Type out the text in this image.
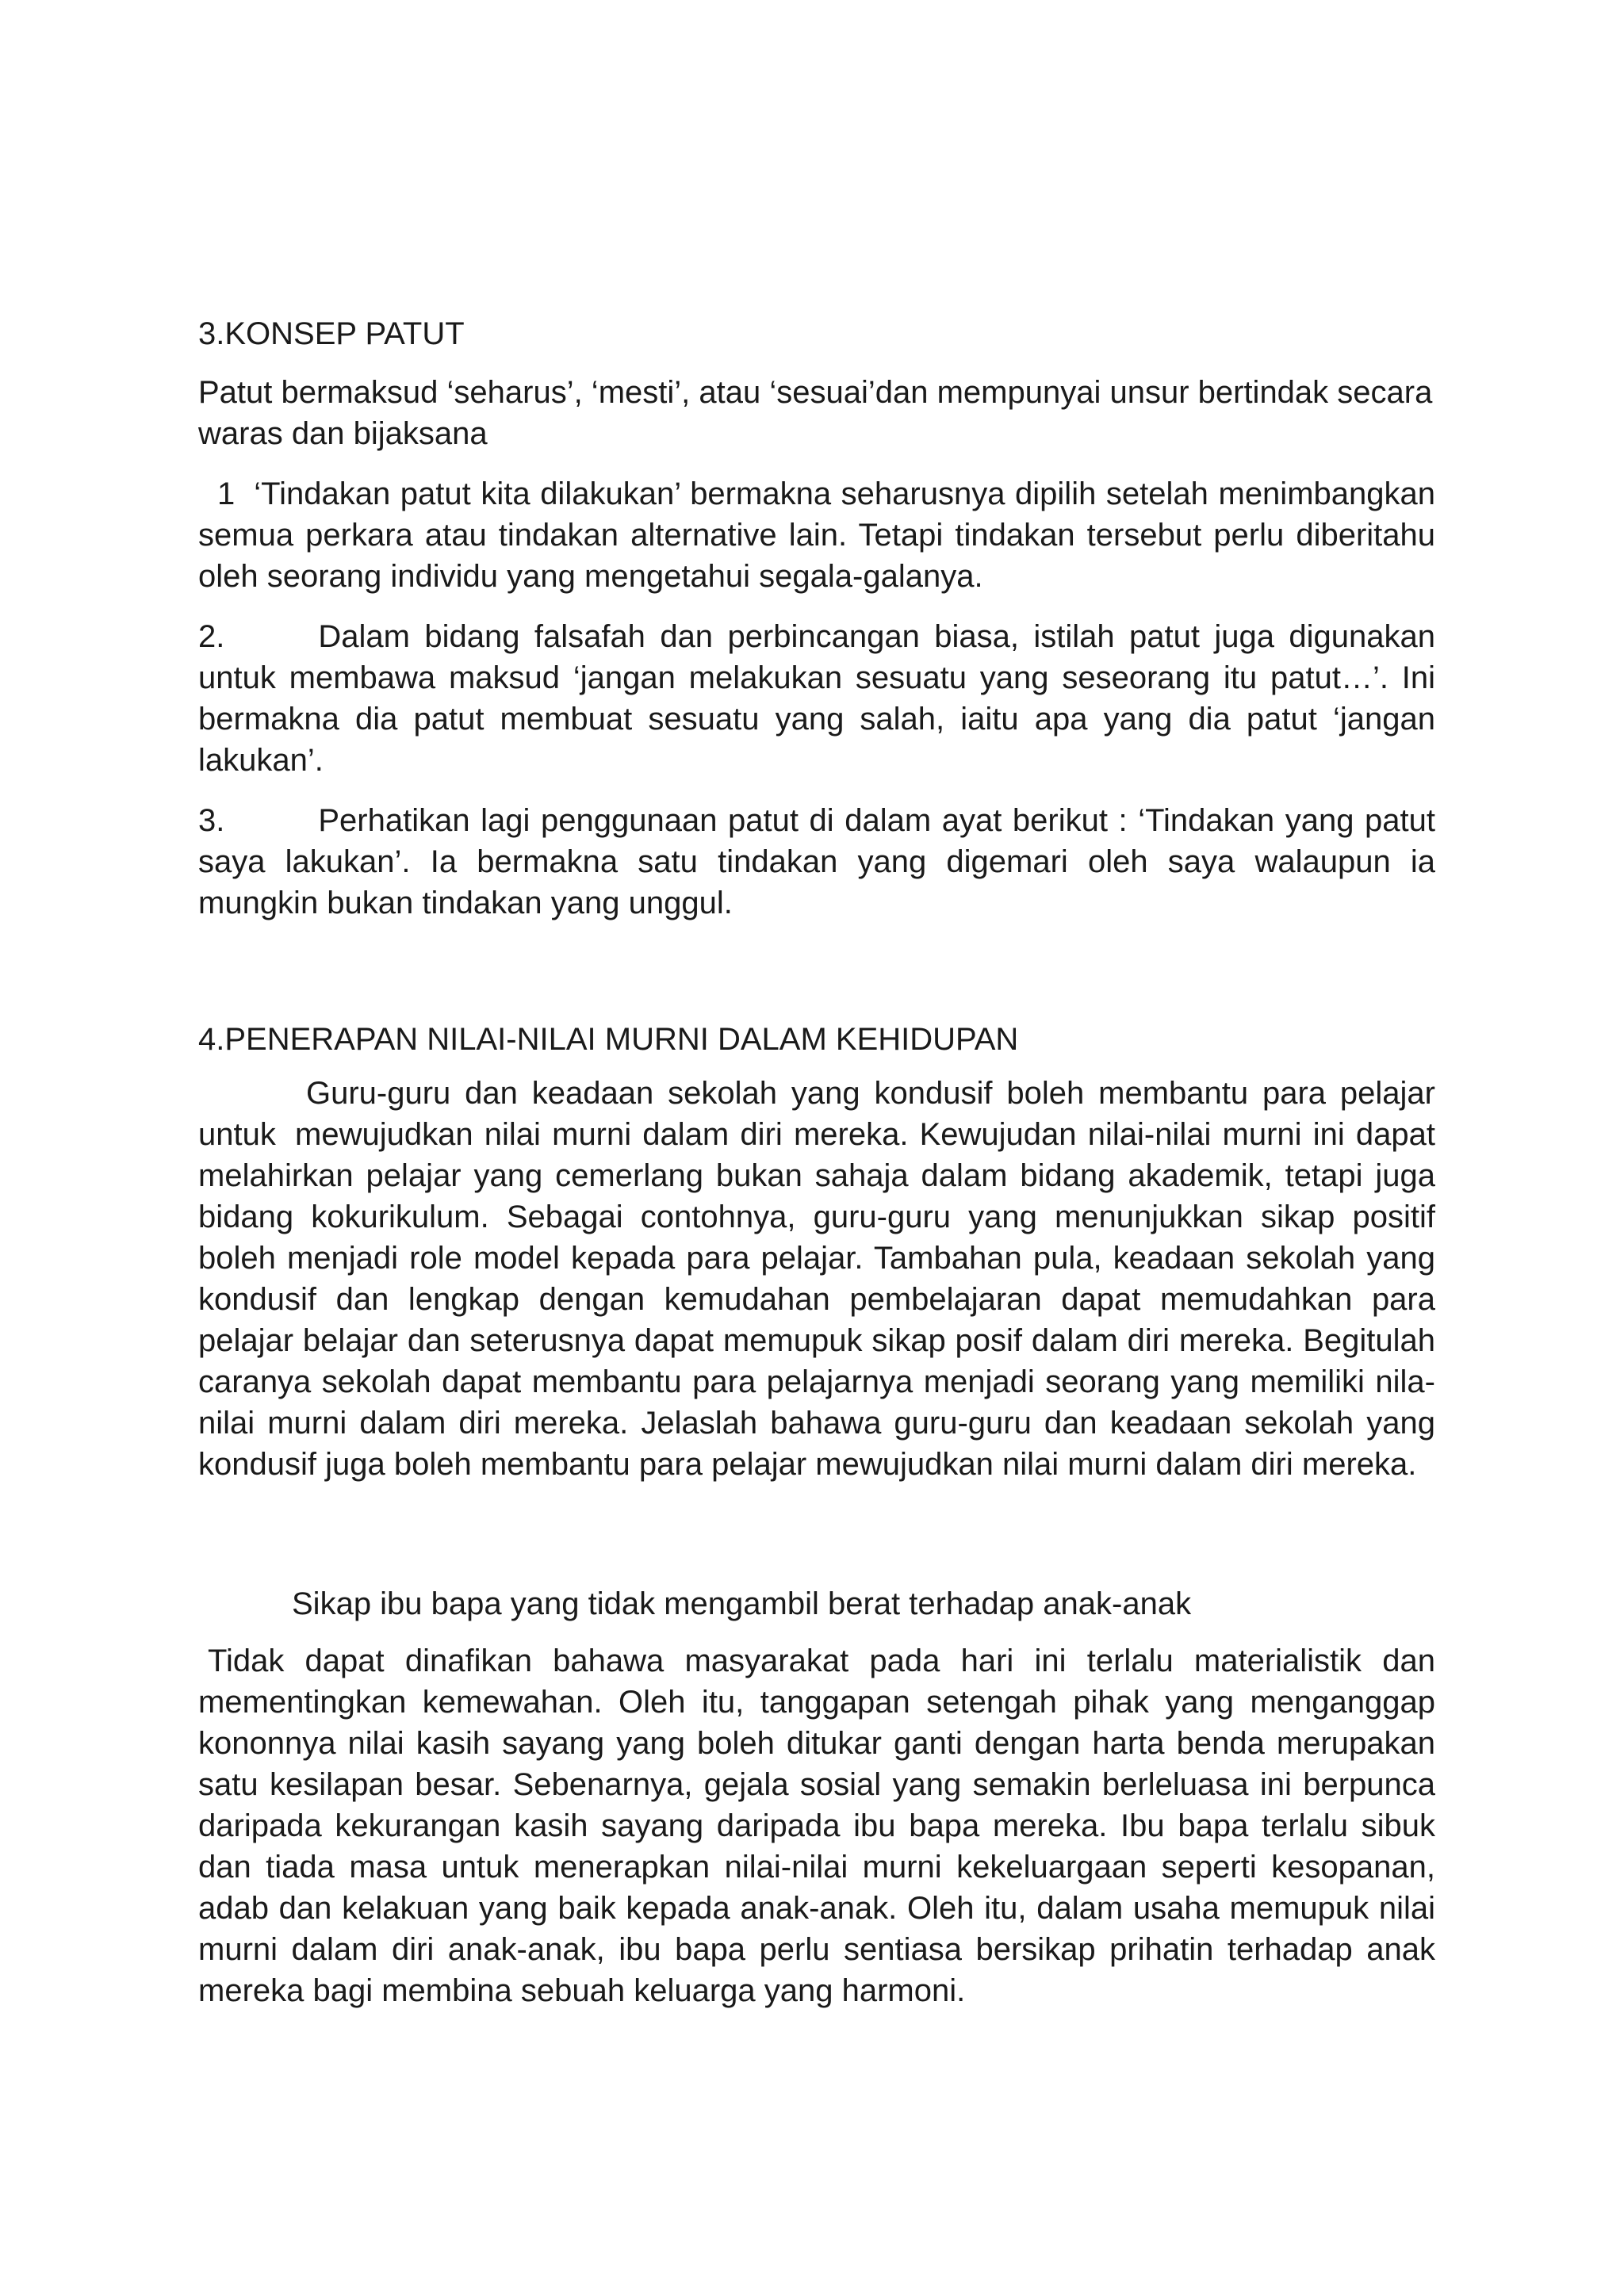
3.KONSEP PATUT

Patut bermaksud ‘seharus’, ‘mesti’, atau ‘sesuai’dan mempunyai unsur bertindak secara waras dan bijaksana

1 ‘Tindakan patut kita dilakukan’ bermakna seharusnya dipilih setelah menimbangkan semua perkara atau tindakan alternative lain. Tetapi tindakan tersebut perlu diberitahu oleh seorang individu yang mengetahui segala-galanya.

2.	Dalam bidang falsafah dan perbincangan biasa, istilah patut juga digunakan untuk membawa maksud ‘jangan melakukan sesuatu yang seseorang itu patut…’. Ini bermakna dia patut membuat sesuatu yang salah, iaitu apa yang dia patut ‘jangan lakukan’.

3.	Perhatikan lagi penggunaan patut di dalam ayat berikut : ‘Tindakan yang patut saya lakukan’. Ia bermakna satu tindakan yang digemari oleh saya walaupun ia mungkin bukan tindakan yang unggul.

4.PENERAPAN NILAI-NILAI MURNI DALAM KEHIDUPAN

Guru-guru dan keadaan sekolah yang kondusif boleh membantu para pelajar untuk mewujudkan nilai murni dalam diri mereka. Kewujudan nilai-nilai murni ini dapat melahirkan pelajar yang cemerlang bukan sahaja dalam bidang akademik, tetapi juga bidang kokurikulum. Sebagai contohnya, guru-guru yang menunjukkan sikap positif boleh menjadi role model kepada para pelajar. Tambahan pula, keadaan sekolah yang kondusif dan lengkap dengan kemudahan pembelajaran dapat memudahkan para pelajar belajar dan seterusnya dapat memupuk sikap posif dalam diri mereka. Begitulah caranya sekolah dapat membantu para pelajarnya menjadi seorang yang memiliki nila-nilai murni dalam diri mereka. Jelaslah bahawa guru-guru dan keadaan sekolah yang kondusif juga boleh membantu para pelajar mewujudkan nilai murni dalam diri mereka.

Sikap ibu bapa yang tidak mengambil berat terhadap anak-anak

Tidak dapat dinafikan bahawa masyarakat pada hari ini terlalu materialistik dan mementingkan kemewahan. Oleh itu, tanggapan setengah pihak yang menganggap kononnya nilai kasih sayang yang boleh ditukar ganti dengan harta benda merupakan satu kesilapan besar. Sebenarnya, gejala sosial yang semakin berleluasa ini berpunca daripada kekurangan kasih sayang daripada ibu bapa mereka. Ibu bapa terlalu sibuk dan tiada masa untuk menerapkan nilai-nilai murni kekeluargaan seperti kesopanan, adab dan kelakuan yang baik kepada anak-anak. Oleh itu, dalam usaha memupuk nilai murni dalam diri anak-anak, ibu bapa perlu sentiasa bersikap prihatin terhadap anak mereka bagi membina sebuah keluarga yang harmoni.
